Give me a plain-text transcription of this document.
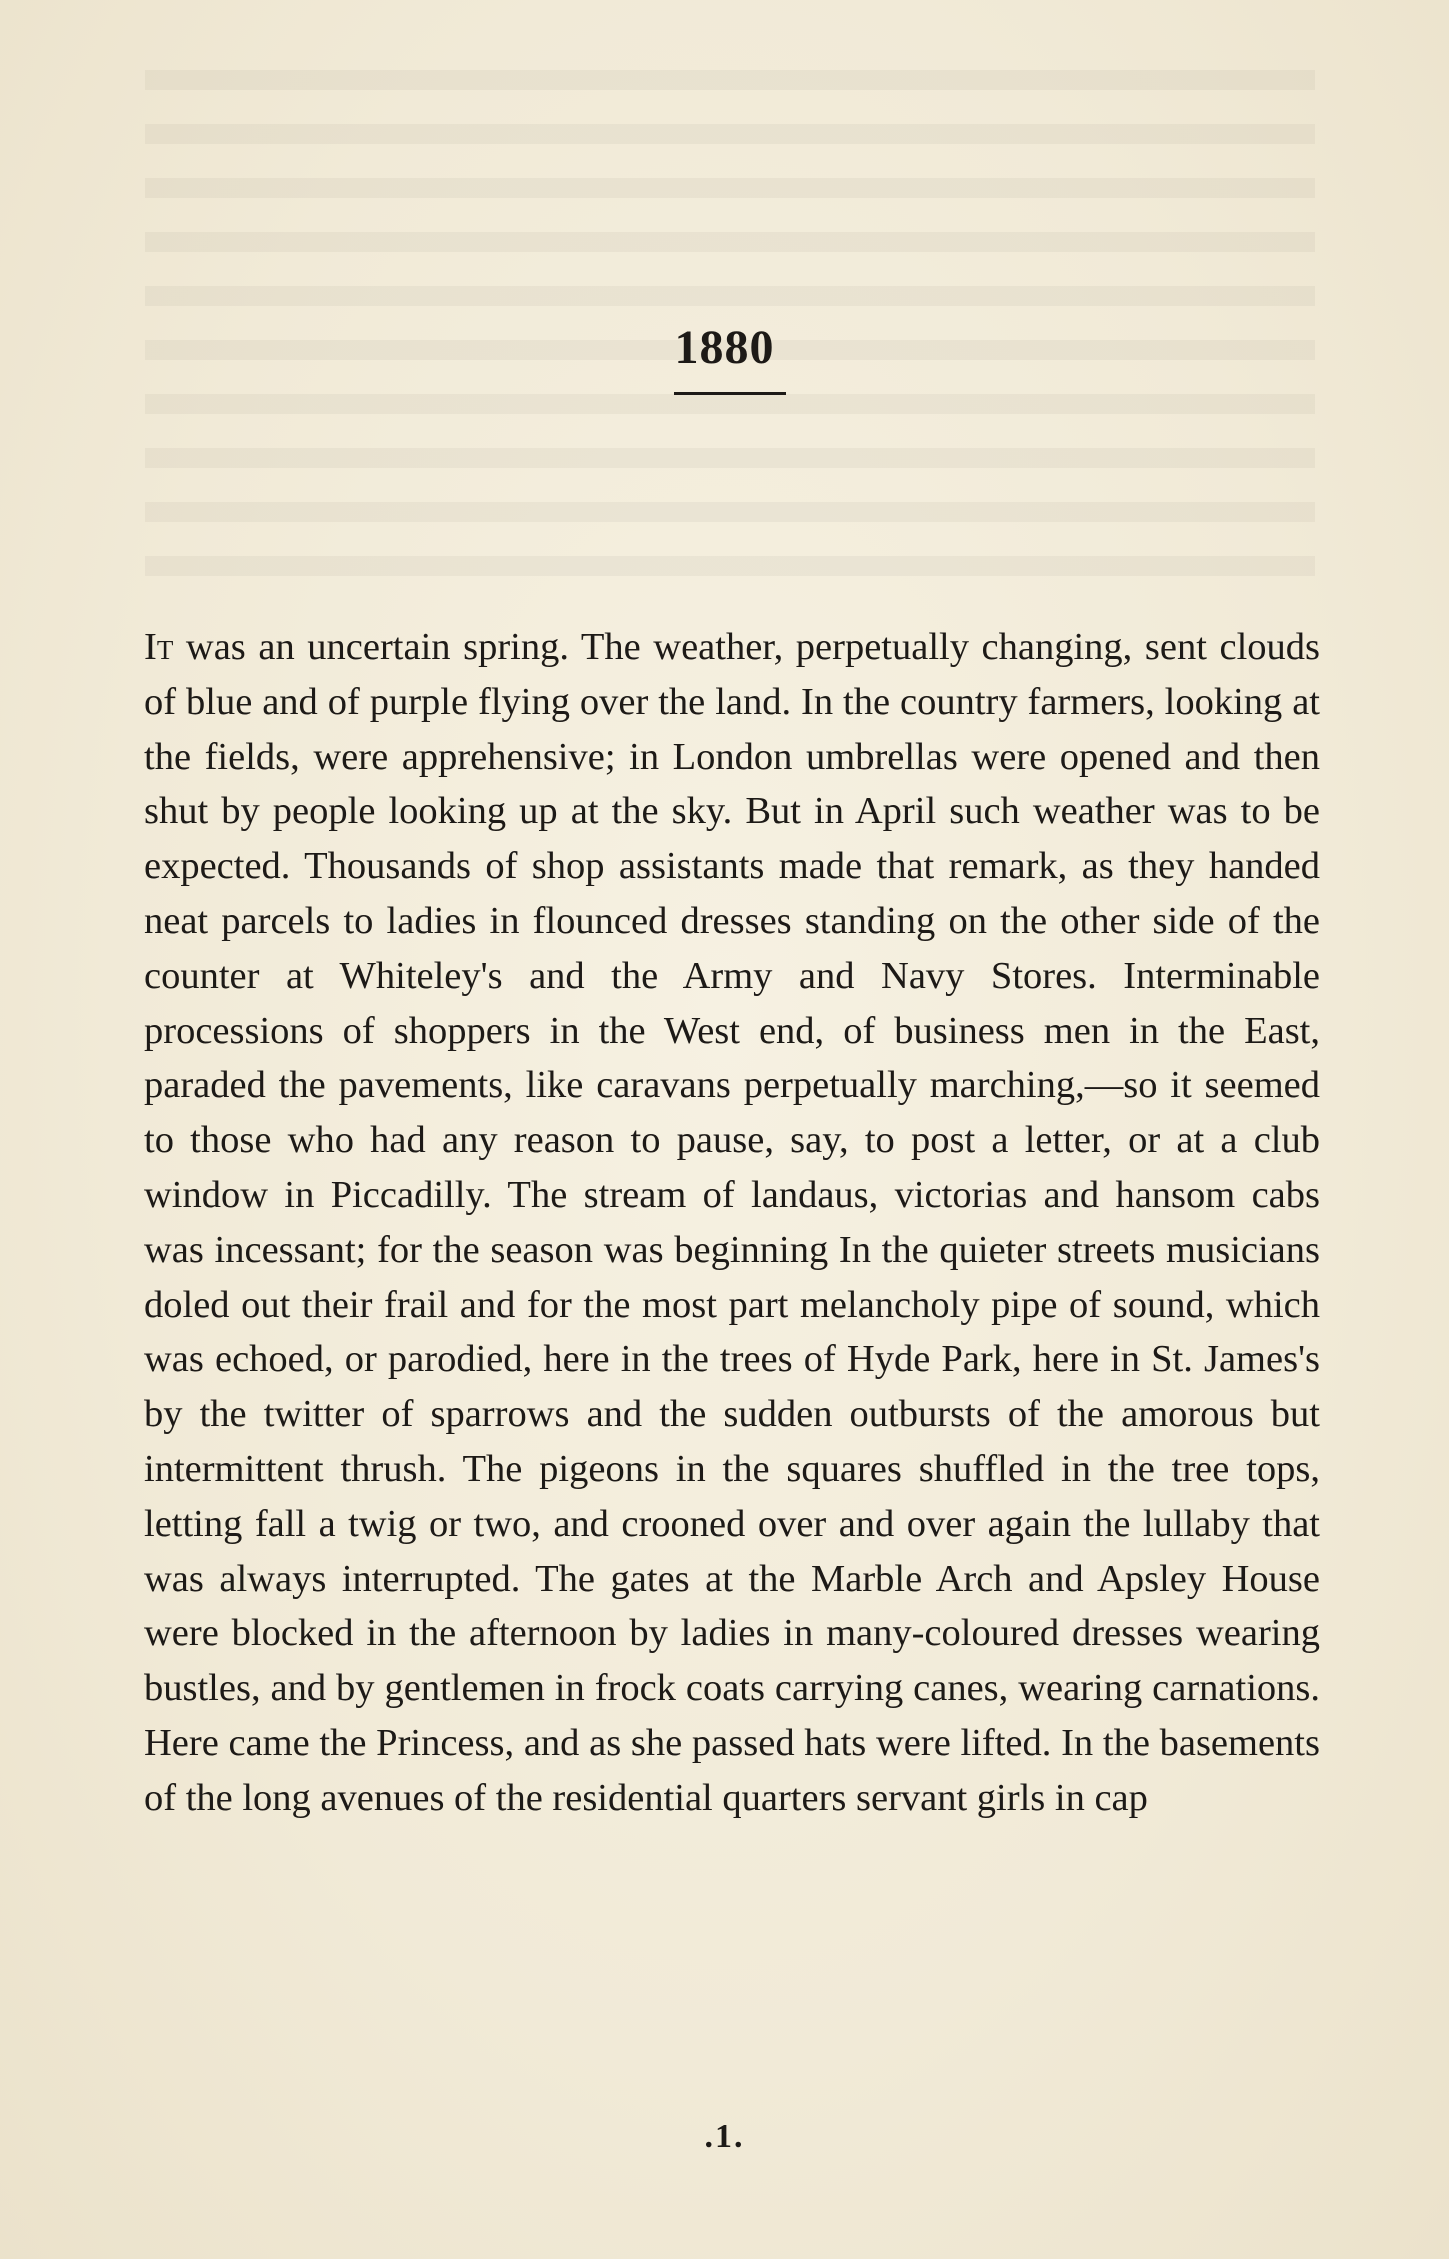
1880

It was an uncertain spring. The weather, perpetually changing, sent clouds of blue and of purple flying over the land. In the country farmers, looking at the fields, were apprehensive; in London umbrellas were opened and then shut by people looking up at the sky. But in April such weather was to be expected. Thousands of shop assistants made that remark, as they handed neat parcels to ladies in flounced dresses standing on the other side of the counter at Whiteley's and the Army and Navy Stores. Interminable processions of shoppers in the West end, of business men in the East, paraded the pavements, like caravans perpetually marching,—so it seemed to those who had any reason to pause, say, to post a letter, or at a club window in Piccadilly. The stream of landaus, victorias and hansom cabs was incessant; for the season was beginning In the quieter streets musicians doled out their frail and for the most part melancholy pipe of sound, which was echoed, or parodied, here in the trees of Hyde Park, here in St. James's by the twitter of sparrows and the sudden outbursts of the amorous but intermittent thrush. The pigeons in the squares shuffled in the tree tops, letting fall a twig or two, and crooned over and over again the lullaby that was always interrupted. The gates at the Marble Arch and Apsley House were blocked in the afternoon by ladies in many-coloured dresses wearing bustles, and by gentlemen in frock coats carrying canes, wearing carnations. Here came the Princess, and as she passed hats were lifted. In the basements of the long avenues of the residential quarters servant girls in cap

.1.
